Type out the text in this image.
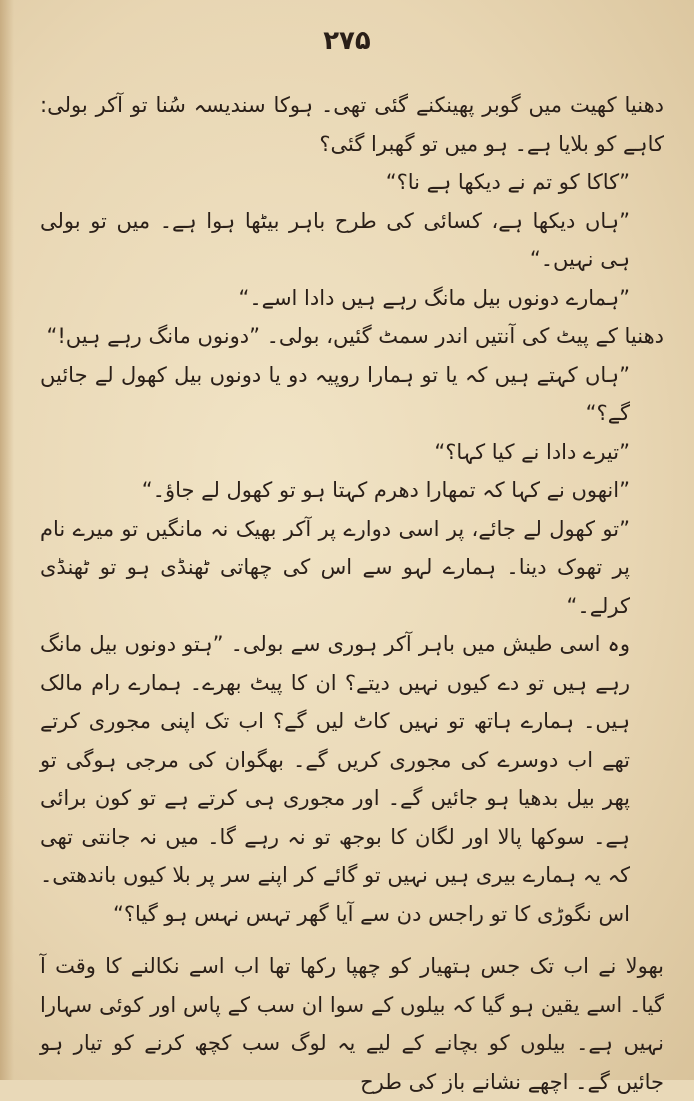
۲۷۵

دھنیا کھیت میں گوبر پھینکنے گئی تھی۔ ہوکا سندیسہ سُنا تو آکر بولی: کاہے کو بلایا ہے۔ ہو میں تو گھبرا گئی؟

”کاکا کو تم نے دیکھا ہے نا؟“

”ہاں دیکھا ہے، کسائی کی طرح باہر بیٹھا ہوا ہے۔ میں تو بولی ہی نہیں۔“

”ہمارے دونوں بیل مانگ رہے ہیں دادا اسے۔“

دھنیا کے پیٹ کی آنتیں اندر سمٹ گئیں، بولی۔ ”دونوں مانگ رہے ہیں!“

”ہاں کہتے ہیں کہ یا تو ہمارا روپیہ دو یا دونوں بیل کھول لے جائیں گے؟“

”تیرے دادا نے کیا کہا؟“

”انھوں نے کہا کہ تمھارا دھرم کہتا ہو تو کھول لے جاؤ۔“

”تو کھول لے جائے، پر اسی دوارے پر آکر بھیک نہ مانگیں تو میرے نام پر تھوک دینا۔ ہمارے لہو سے اس کی چھاتی ٹھنڈی ہو تو ٹھنڈی کرلے۔“

وہ اسی طیش میں باہر آکر ہوری سے بولی۔ ”ہتو دونوں بیل مانگ رہے ہیں تو دے کیوں نہیں دیتے؟ ان کا پیٹ بھرے۔ ہمارے رام مالک ہیں۔ ہمارے ہاتھ تو نہیں کاٹ لیں گے؟ اب تک اپنی مجوری کرتے تھے اب دوسرے کی مجوری کریں گے۔ بھگوان کی مرجی ہوگی تو پھر بیل بدھیا ہو جائیں گے۔ اور مجوری ہی کرتے ہے تو کون برائی ہے۔ سوکھا پالا اور لگان کا بوجھ تو نہ رہے گا۔ میں نہ جانتی تھی کہ یہ ہمارے بیری ہیں نہیں تو گائے کر اپنے سر پر بلا کیوں باندھتی۔ اس نگوڑی کا تو راجس دن سے آیا گھر تہس نہس ہو گیا؟“

بھولا نے اب تک جس ہتھیار کو چھپا رکھا تھا اب اسے نکالنے کا وقت آ گیا۔ اسے یقین ہو گیا کہ بیلوں کے سوا ان سب کے پاس اور کوئی سہارا نہیں ہے۔ بیلوں کو بچانے کے لیے یہ لوگ سب کچھ کرنے کو تیار ہو جائیں گے۔ اچھے نشانے باز کی طرح
